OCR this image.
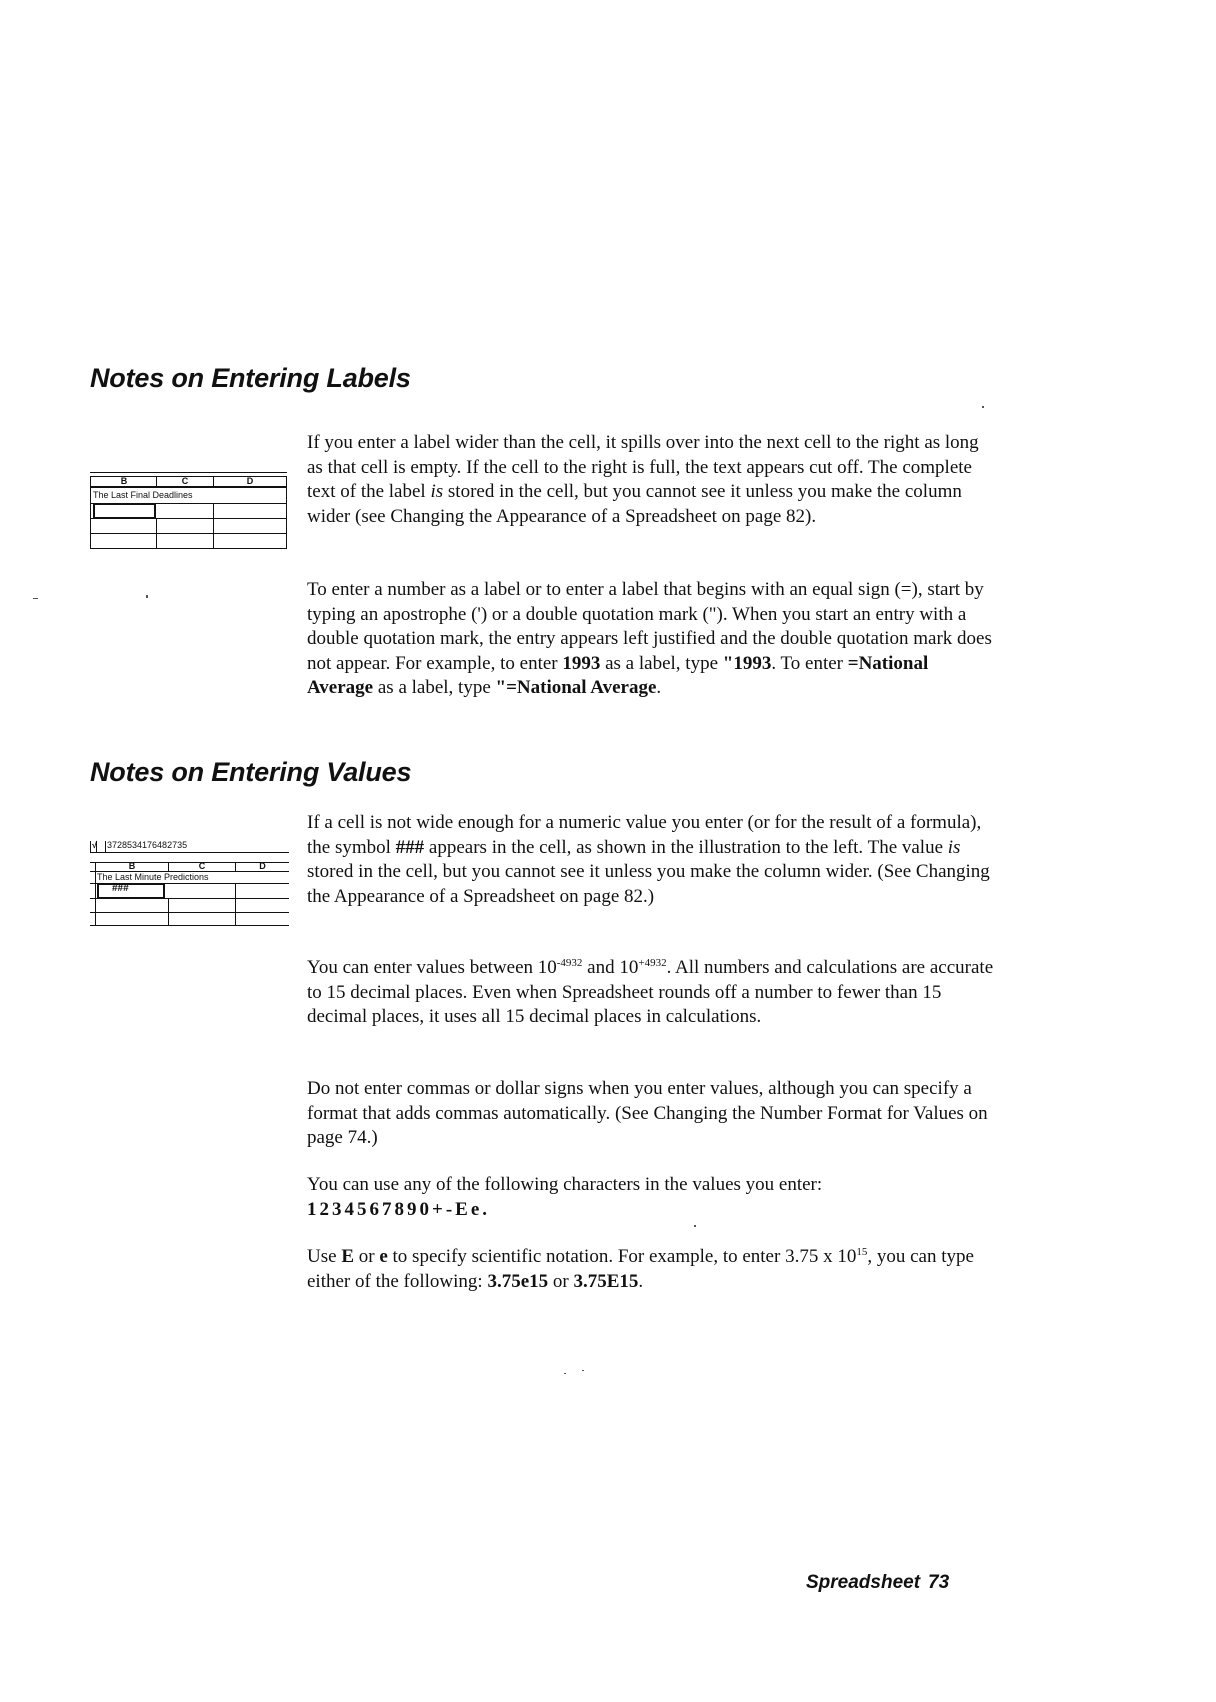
Notes on Entering Labels
B	C	D
The Last Final Deadlines
If you enter a label wider than the cell, it spills over into the next cell to the right as long as that cell is empty. If the cell to the right is full, the text appears cut off. The complete text of the label is stored in the cell, but you cannot see it unless you make the column wider (see Changing the Appearance of a Spreadsheet on page 82).
To enter a number as a label or to enter a label that begins with an equal sign (=), start by typing an apostrophe (') or a double quotation mark ("). When you start an entry with a double quotation mark, the entry appears left justified and the double quotation mark does not appear. For example, to enter 1993 as a label, type "1993. To enter =National Average as a label, type "=National Average.
Notes on Entering Values
√ 3728534176482735
B	C	D
The Last Minute Predictions
###
If a cell is not wide enough for a numeric value you enter (or for the result of a formula), the symbol ### appears in the cell, as shown in the illustration to the left. The value is stored in the cell, but you cannot see it unless you make the column wider. (See Changing the Appearance of a Spreadsheet on page 82.)
You can enter values between $10^{-4932}$ and $10^{+4932}$. All numbers and calculations are accurate to 15 decimal places. Even when Spreadsheet rounds off a number to fewer than 15 decimal places, it uses all 15 decimal places in calculations.
Do not enter commas or dollar signs when you enter values, although you can specify a format that adds commas automatically. (See Changing the Number Format for Values on page 74.)
You can use any of the following characters in the values you enter:
1234567890+-Ee.
Use E or e to specify scientific notation. For example, to enter 3.75 x $10^{15}$, you can type either of the following: 3.75e15 or 3.75E15.
Spreadsheet 73
